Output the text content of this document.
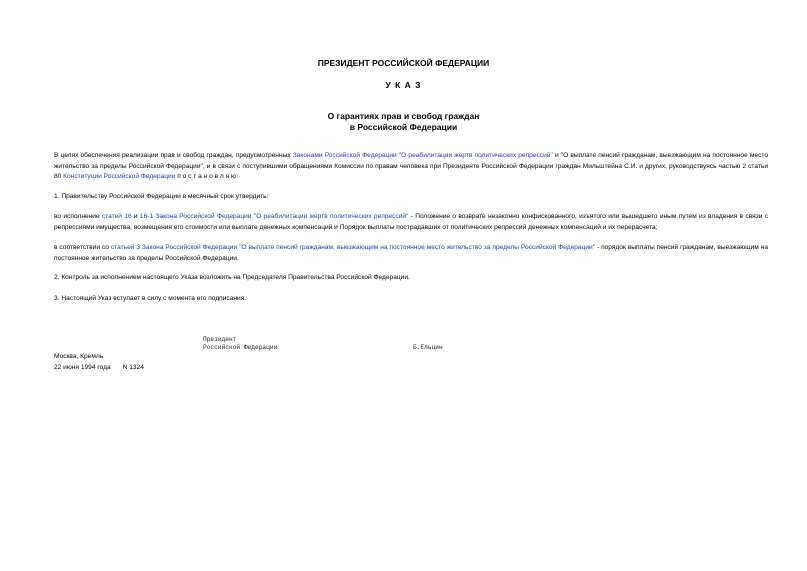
ПРЕЗИДЕНТ РОССИЙСКОЙ ФЕДЕРАЦИИ
У К А З
О гарантиях прав и свобод граждан
в Российской Федерации
В целях обеспечения реализации прав и свобод граждан, предусмотренных Законами Российской Федерации "О реабилитации жертв политических репрессий" и "О выплате пенсий гражданам, выезжающим на постоянное место жительство за пределы Российской Федерации", и в связи с поступившими обращениями Комиссии по правам человека при Президенте Российской Федерации граждан Мильштейна С.И. и других, руководствуясь частью 2 статьи 80 Конституции Российской Федерации п о с т а н о в л я ю:
1. Правительству Российской Федерации в месячный срок утвердить:
во исполнение статей 16 и 16-1 Закона Российской Федерации "О реабилитации жертв политических репрессий" - Положение о возврате незаконно конфискованного, изъятого или вышедшего иным путем из владения в связи с репрессиями имущества, возмещения его стоимости или выплате денежных компенсаций и Порядок выплаты пострадавших от политических репрессий денежных компенсаций и их перерасчета;
в соответствии со статьей 3 Закона Российской Федерации "О выплате пенсий гражданам, выезжающим на постоянное место жительство за пределы Российской Федерации" - порядок выплаты пенсий гражданам, выезжающим на постоянное жительство за пределы Российской Федерации.
2. Контроль за исполнением настоящего Указа возложить на Председателя Правительства Российской Федерации.
3. Настоящий Указ вступает в силу с момента его подписания.
Президент
Российской Федерации	Б.Ельцин
Москва, Кремль
22 июня 1994 года N 1324
